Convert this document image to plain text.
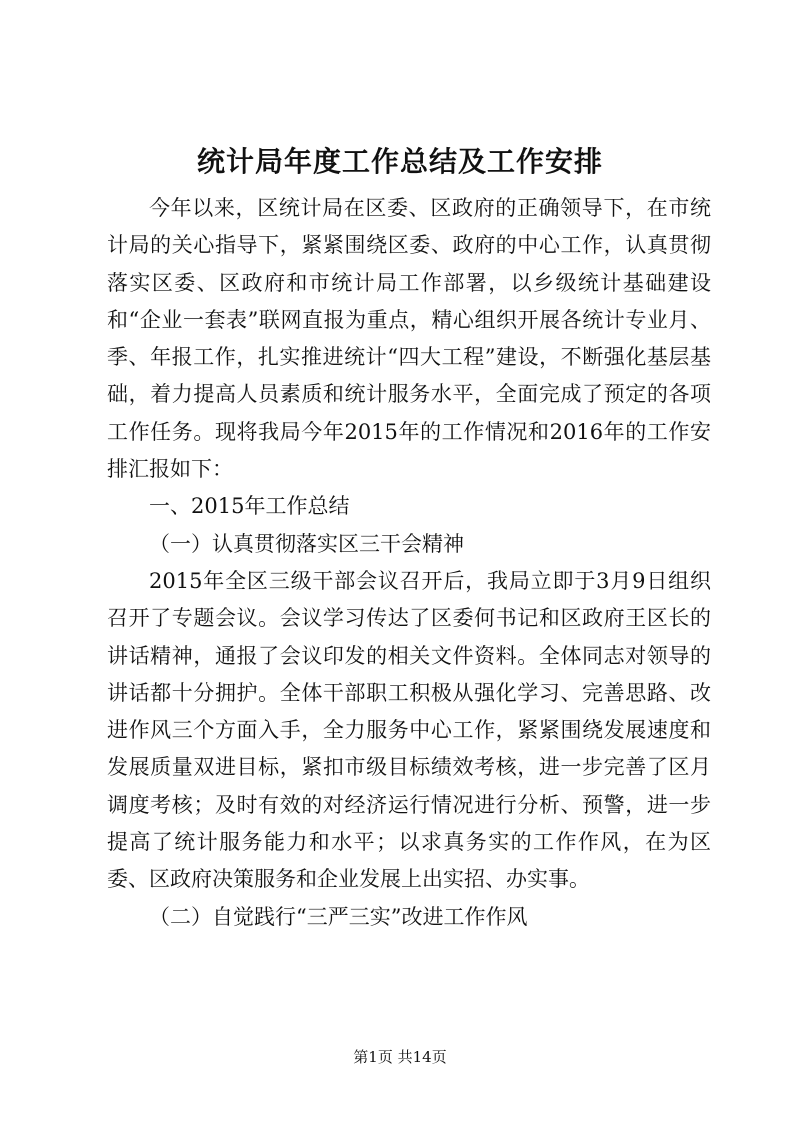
统计局年度工作总结及工作安排

今年以来，区统计局在区委、区政府的正确领导下，在市统计局的关心指导下，紧紧围绕区委、政府的中心工作，认真贯彻落实区委、区政府和市统计局工作部署，以乡级统计基础建设和“企业一套表”联网直报为重点，精心组织开展各统计专业月、季、年报工作，扎实推进统计“四大工程”建设，不断强化基层基础，着力提高人员素质和统计服务水平，全面完成了预定的各项工作任务。现将我局今年2015年的工作情况和2016年的工作安排汇报如下：

一、2015年工作总结

（一）认真贯彻落实区三干会精神

2015年全区三级干部会议召开后，我局立即于3月9日组织召开了专题会议。会议学习传达了区委何书记和区政府王区长的讲话精神，通报了会议印发的相关文件资料。全体同志对领导的讲话都十分拥护。全体干部职工积极从强化学习、完善思路、改进作风三个方面入手，全力服务中心工作，紧紧围绕发展速度和发展质量双进目标，紧扣市级目标绩效考核，进一步完善了区月调度考核；及时有效的对经济运行情况进行分析、预警，进一步提高了统计服务能力和水平；以求真务实的工作作风，在为区委、区政府决策服务和企业发展上出实招、办实事。

（二）自觉践行“三严三实”改进工作作风

第1页 共14页
